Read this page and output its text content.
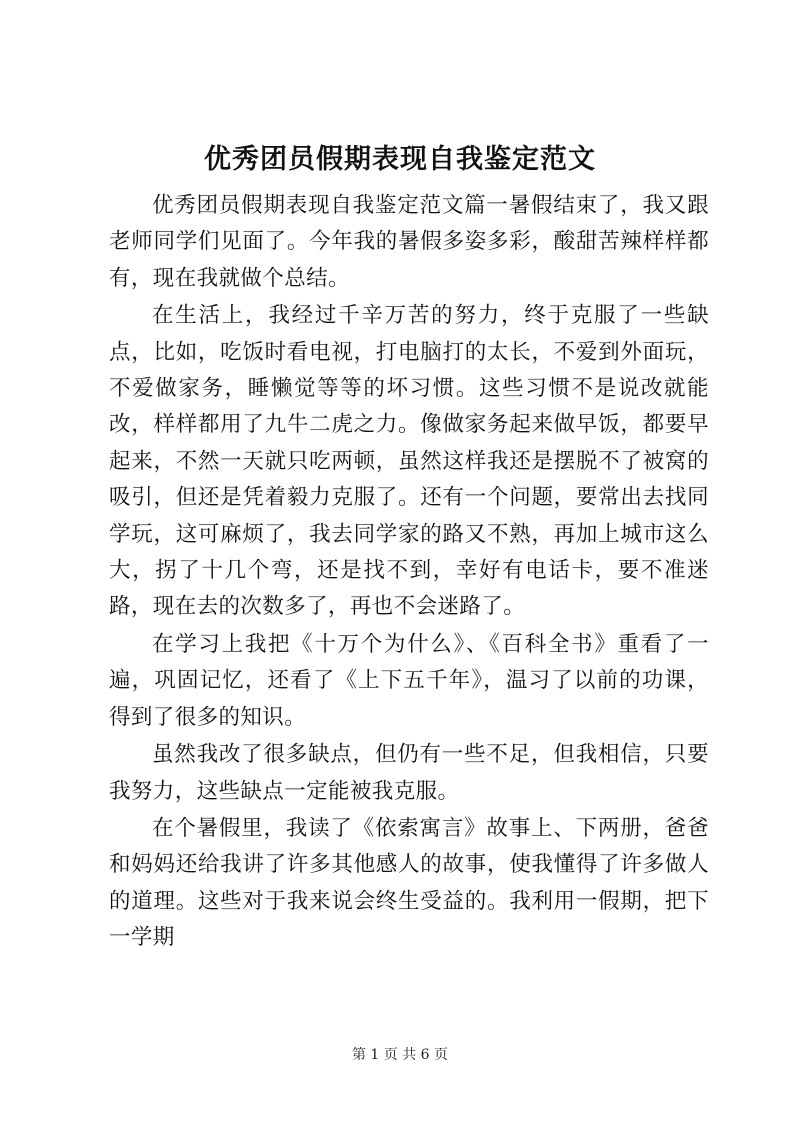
优秀团员假期表现自我鉴定范文

优秀团员假期表现自我鉴定范文篇一暑假结束了，我又跟老师同学们见面了。今年我的暑假多姿多彩，酸甜苦辣样样都有，现在我就做个总结。

在生活上，我经过千辛万苦的努力，终于克服了一些缺点，比如，吃饭时看电视，打电脑打的太长，不爱到外面玩，不爱做家务，睡懒觉等等的坏习惯。这些习惯不是说改就能改，样样都用了九牛二虎之力。像做家务起来做早饭，都要早起来，不然一天就只吃两顿，虽然这样我还是摆脱不了被窝的吸引，但还是凭着毅力克服了。还有一个问题，要常出去找同学玩，这可麻烦了，我去同学家的路又不熟，再加上城市这么大，拐了十几个弯，还是找不到，幸好有电话卡，要不准迷路，现在去的次数多了，再也不会迷路了。

在学习上我把《十万个为什么》、《百科全书》重看了一遍，巩固记忆，还看了《上下五千年》，温习了以前的功课，得到了很多的知识。

虽然我改了很多缺点，但仍有一些不足，但我相信，只要我努力，这些缺点一定能被我克服。

在个暑假里，我读了《依索寓言》故事上、下两册，爸爸和妈妈还给我讲了许多其他感人的故事，使我懂得了许多做人的道理。这些对于我来说会终生受益的。我利用一假期，把下一学期

第 1 页 共 6 页
